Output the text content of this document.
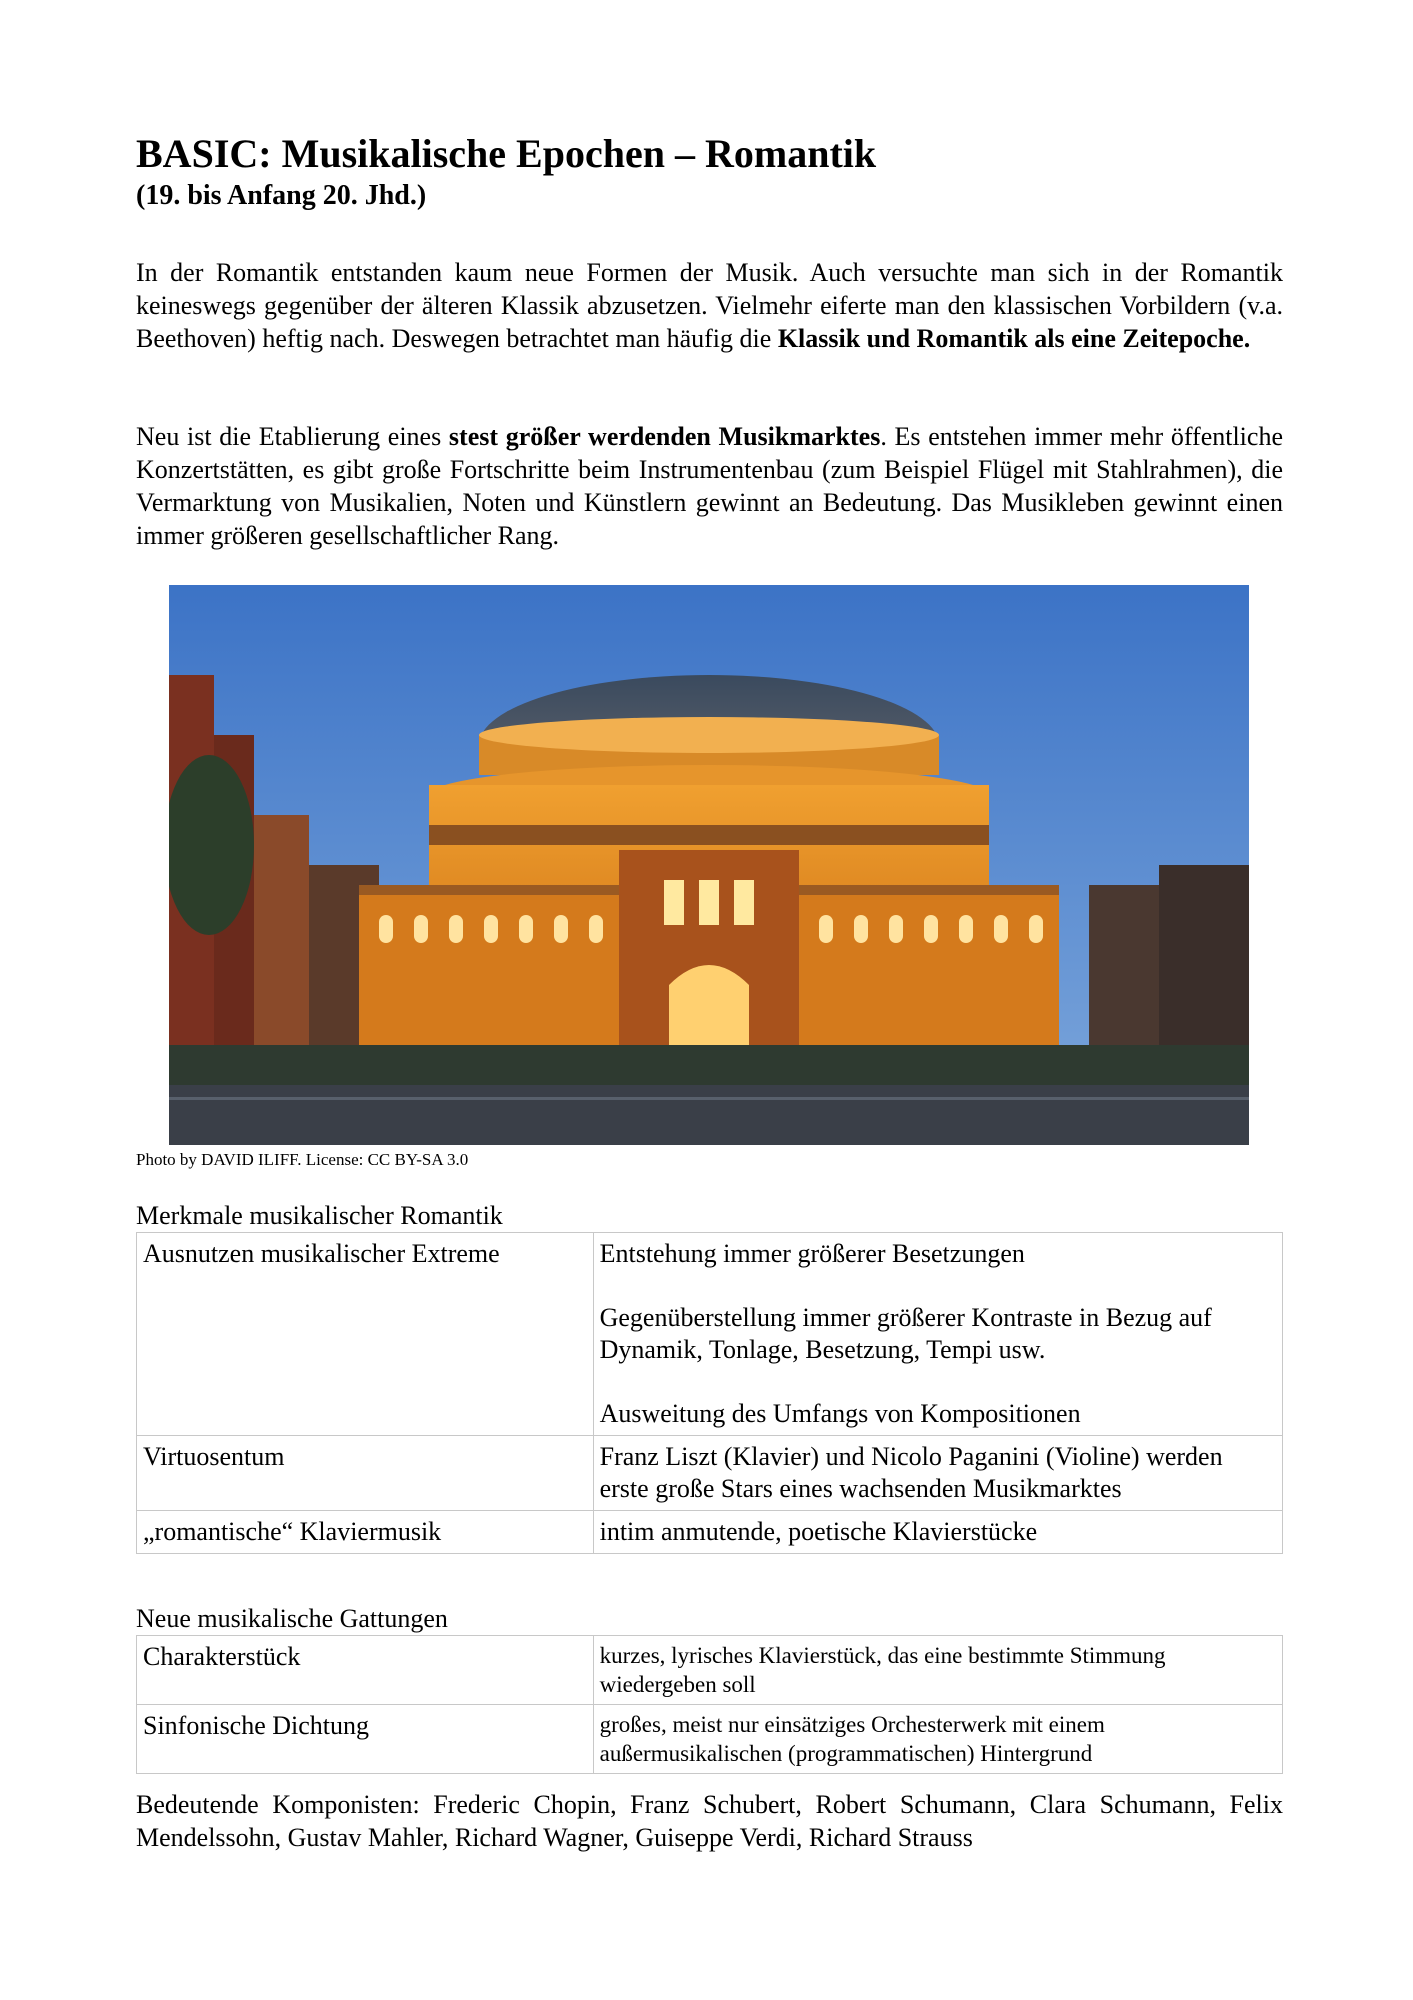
BASIC: Musikalische Epochen – Romantik
(19. bis Anfang 20. Jhd.)

In der Romantik entstanden kaum neue Formen der Musik. Auch versuchte man sich in der Romantik keineswegs gegenüber der älteren Klassik abzusetzen. Vielmehr eiferte man den klassischen Vorbildern (v.a. Beethoven) heftig nach. Deswegen betrachtet man häufig die Klassik und Romantik als eine Zeitepoche.

Neu ist die Etablierung eines stest größer werdenden Musikmarktes. Es entstehen immer mehr öffentliche Konzertstätten, es gibt große Fortschritte beim Instrumentenbau (zum Beispiel Flügel mit Stahlrahmen), die Vermarktung von Musikalien, Noten und Künstlern gewinnt an Bedeutung. Das Musikleben gewinnt einen immer größeren gesellschaftlicher Rang.

Photo by DAVID ILIFF. License: CC BY-SA 3.0
Merkmale musikalischer Romantik
Ausnutzen musikalischer Extreme	Entstehung immer größerer Besetzungen
Gegenüberstellung immer größerer Kontraste in Bezug auf Dynamik, Tonlage, Besetzung, Tempi usw.
Ausweitung des Umfangs von Kompositionen
Virtuosentum	Franz Liszt (Klavier) und Nicolo Paganini (Violine) werden erste große Stars eines wachsenden Musikmarktes
„romantische“ Klaviermusik	intim anmutende, poetische Klavierstücke
Neue musikalische Gattungen
Charakterstück	kurzes, lyrisches Klavierstück, das eine bestimmte Stimmung wiedergeben soll
Sinfonische Dichtung	großes, meist nur einsätziges Orchesterwerk mit einem außermusikalischen (programmatischen) Hintergrund

Bedeutende Komponisten: Frederic Chopin, Franz Schubert, Robert Schumann, Clara Schumann, Felix Mendelssohn, Gustav Mahler, Richard Wagner, Guiseppe Verdi, Richard Strauss
